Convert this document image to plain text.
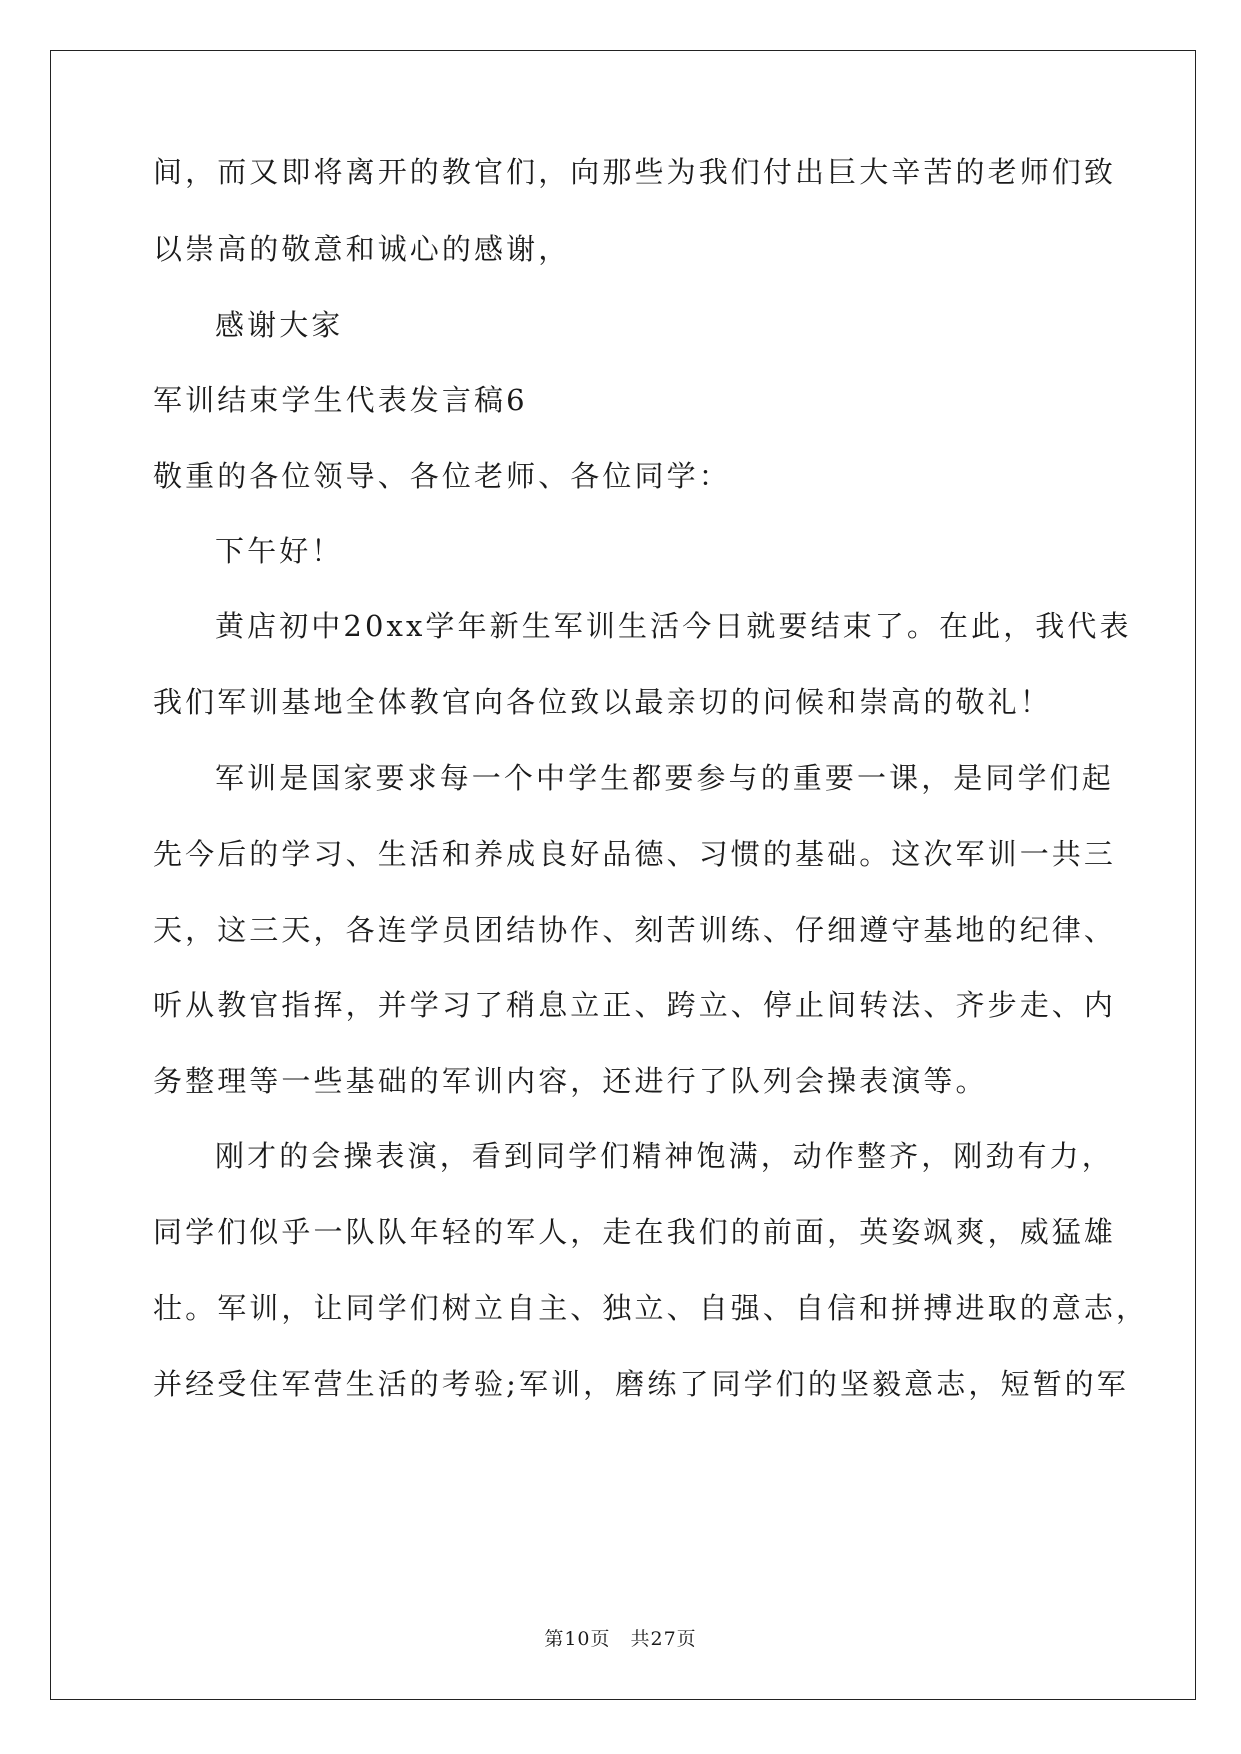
间，而又即将离开的教官们，向那些为我们付出巨大辛苦的老师们致
以崇高的敬意和诚心的感谢，
感谢大家
军训结束学生代表发言稿6
敬重的各位领导、各位老师、各位同学：
下午好！
黄店初中20xx学年新生军训生活今日就要结束了。在此，我代表
我们军训基地全体教官向各位致以最亲切的问候和崇高的敬礼！
军训是国家要求每一个中学生都要参与的重要一课，是同学们起
先今后的学习、生活和养成良好品德、习惯的基础。这次军训一共三
天，这三天，各连学员团结协作、刻苦训练、仔细遵守基地的纪律、
听从教官指挥，并学习了稍息立正、跨立、停止间转法、齐步走、内
务整理等一些基础的军训内容，还进行了队列会操表演等。
刚才的会操表演，看到同学们精神饱满，动作整齐，刚劲有力，
同学们似乎一队队年轻的军人，走在我们的前面，英姿飒爽，威猛雄
壮。军训，让同学们树立自主、独立、自强、自信和拼搏进取的意志，
并经受住军营生活的考验;军训，磨练了同学们的坚毅意志，短暂的军
第10页 共27页
